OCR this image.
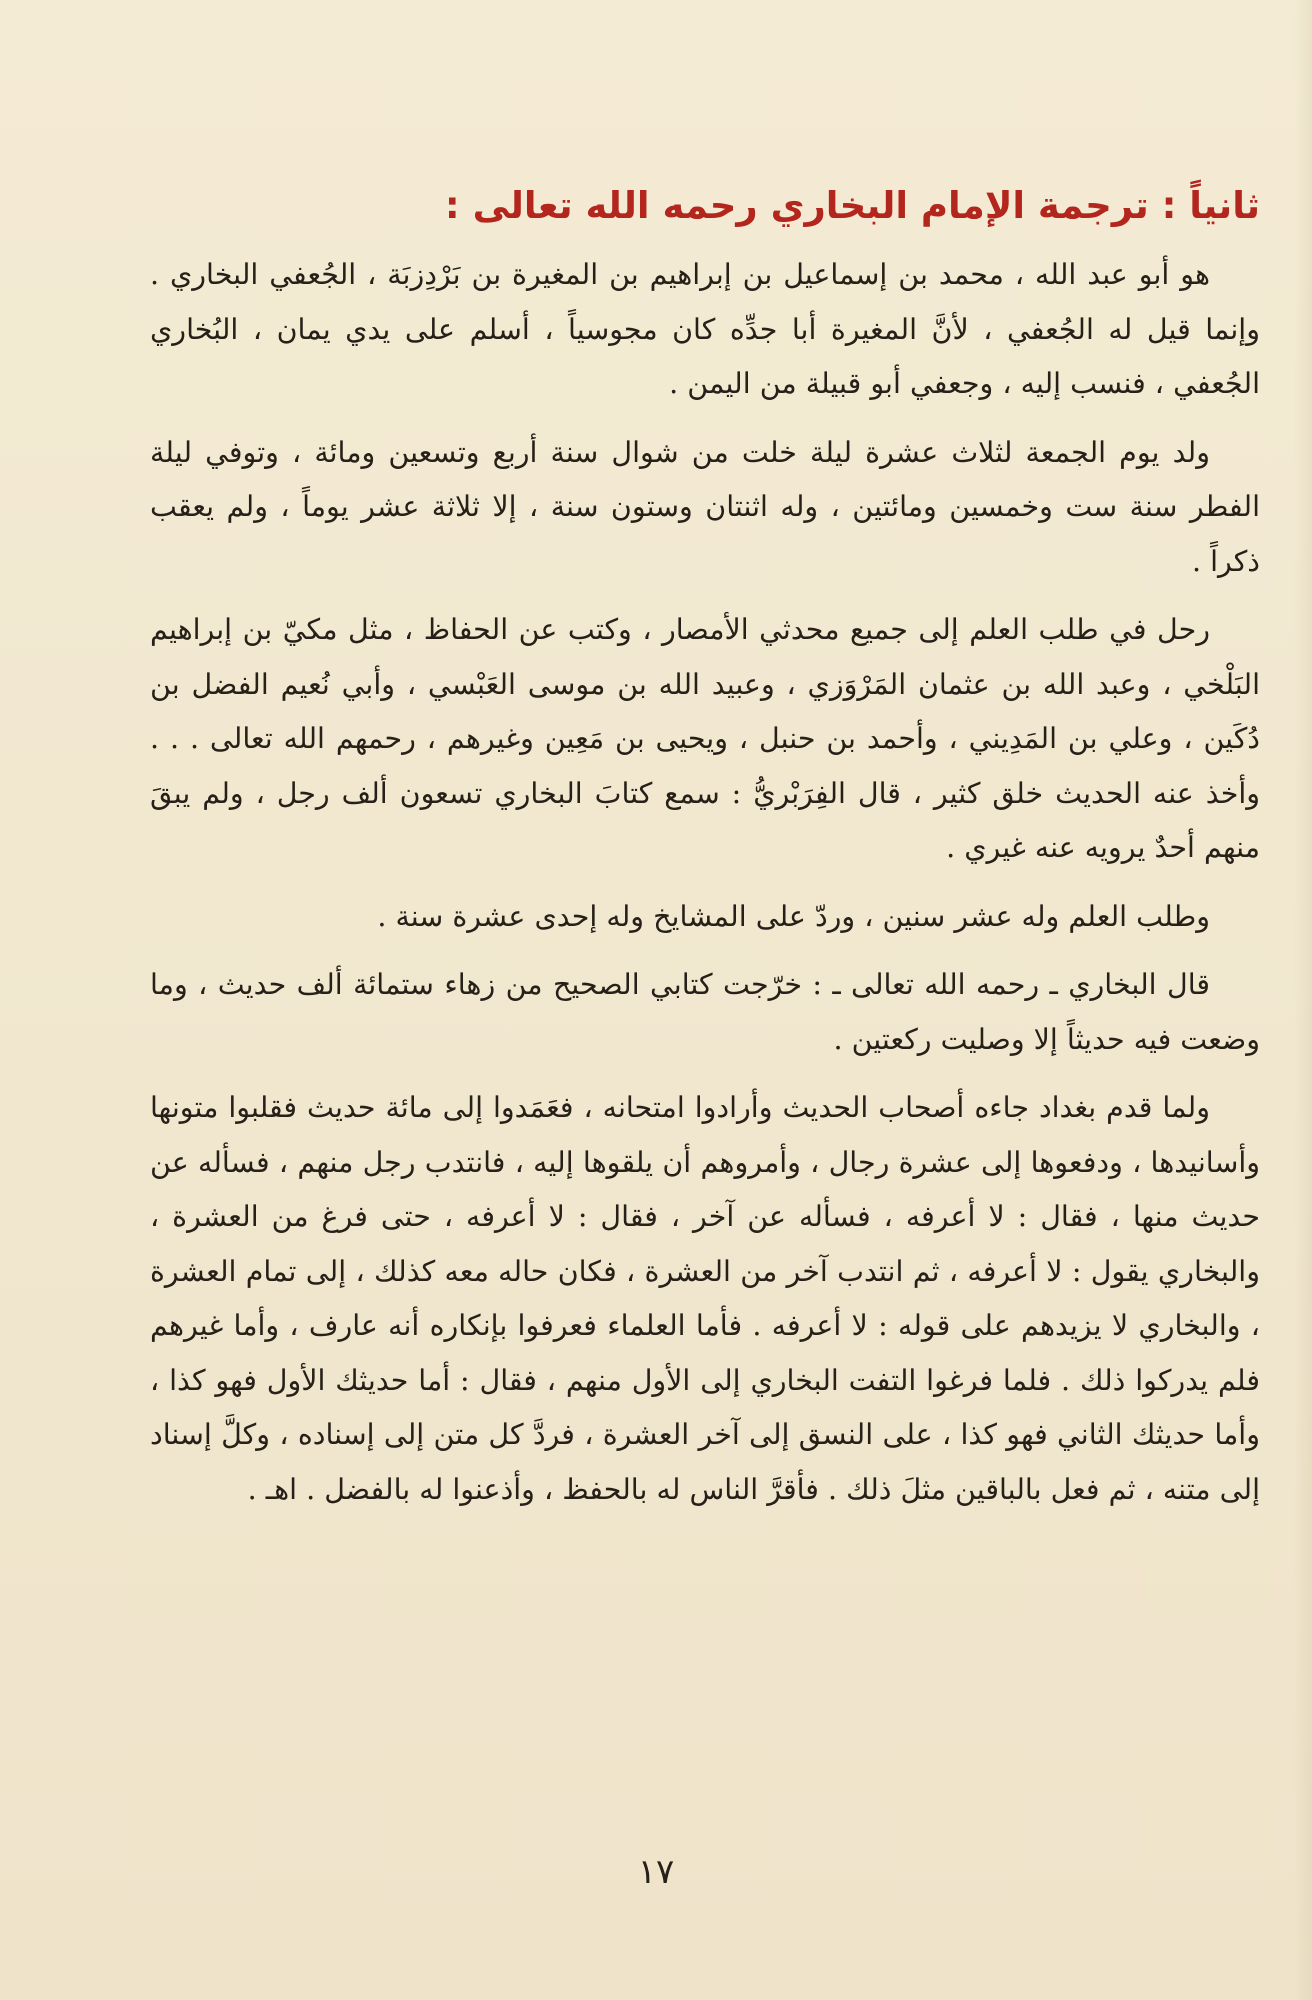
ثانياً : ترجمة الإمام البخاري رحمه الله تعالى :

هو أبو عبد الله ، محمد بن إسماعيل بن إبراهيم بن المغيرة بن بَرْدِزبَة ، الجُعفي البخاري . وإنما قيل له الجُعفي ، لأنَّ المغيرة أبا جدِّه كان مجوسياً ، أسلم على يدي يمان ، البُخاري الجُعفي ، فنسب إليه ، وجعفي أبو قبيلة من اليمن .

ولد يوم الجمعة لثلاث عشرة ليلة خلت من شوال سنة أربع وتسعين ومائة ، وتوفي ليلة الفطر سنة ست وخمسين ومائتين ، وله اثنتان وستون سنة ، إلا ثلاثة عشر يوماً ، ولم يعقب ذكراً .

رحل في طلب العلم إلى جميع محدثي الأمصار ، وكتب عن الحفاظ ، مثل مكيّ بن إبراهيم البَلْخي ، وعبد الله بن عثمان المَرْوَزي ، وعبيد الله بن موسى العَبْسي ، وأبي نُعيم الفضل بن دُكَين ، وعلي بن المَدِيني ، وأحمد بن حنبل ، ويحيى بن مَعِين وغيرهم ، رحمهم الله تعالى . . . وأخذ عنه الحديث خلق كثير ، قال الفِرَبْريُّ : سمع كتابَ البخاري تسعون ألف رجل ، ولم يبقَ منهم أحدٌ يرويه عنه غيري .

وطلب العلم وله عشر سنين ، وردّ على المشايخ وله إحدى عشرة سنة .

قال البخاري ـ رحمه الله تعالى ـ : خرّجت كتابي الصحيح من زهاء ستمائة ألف حديث ، وما وضعت فيه حديثاً إلا وصليت ركعتين .

ولما قدم بغداد جاءه أصحاب الحديث وأرادوا امتحانه ، فعَمَدوا إلى مائة حديث فقلبوا متونها وأسانيدها ، ودفعوها إلى عشرة رجال ، وأمروهم أن يلقوها إليه ، فانتدب رجل منهم ، فسأله عن حديث منها ، فقال : لا أعرفه ، فسأله عن آخر ، فقال : لا أعرفه ، حتى فرغ من العشرة ، والبخاري يقول : لا أعرفه ، ثم انتدب آخر من العشرة ، فكان حاله معه كذلك ، إلى تمام العشرة ، والبخاري لا يزيدهم على قوله : لا أعرفه . فأما العلماء فعرفوا بإنكاره أنه عارف ، وأما غيرهم فلم يدركوا ذلك . فلما فرغوا التفت البخاري إلى الأول منهم ، فقال : أما حديثك الأول فهو كذا ، وأما حديثك الثاني فهو كذا ، على النسق إلى آخر العشرة ، فردَّ كل متن إلى إسناده ، وكلَّ إسناد إلى متنه ، ثم فعل بالباقين مثلَ ذلك . فأقرَّ الناس له بالحفظ ، وأذعنوا له بالفضل . اهـ .

١٧
